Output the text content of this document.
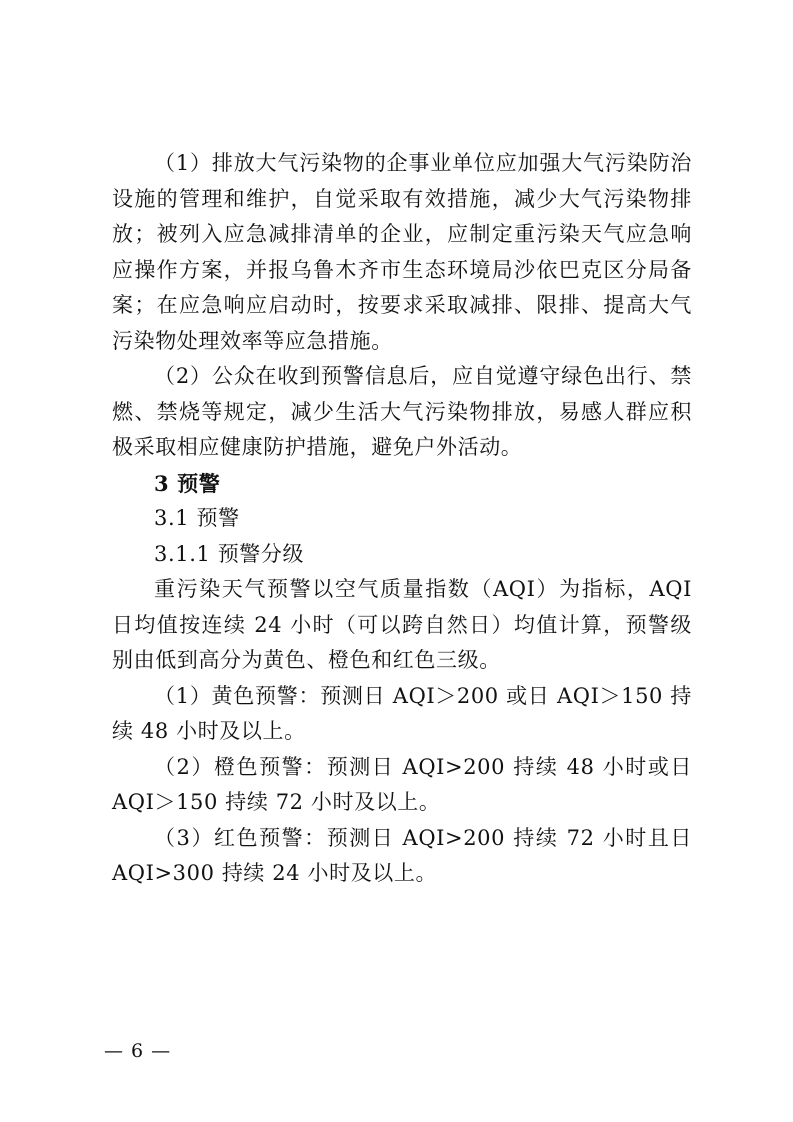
（1）排放大气污染物的企事业单位应加强大气污染防治设施的管理和维护，自觉采取有效措施，减少大气污染物排放；被列入应急减排清单的企业，应制定重污染天气应急响应操作方案，并报乌鲁木齐市生态环境局沙依巴克区分局备案；在应急响应启动时，按要求采取减排、限排、提高大气污染物处理效率等应急措施。

（2）公众在收到预警信息后，应自觉遵守绿色出行、禁燃、禁烧等规定，减少生活大气污染物排放，易感人群应积极采取相应健康防护措施，避免户外活动。

3 预警

3.1 预警

3.1.1 预警分级

重污染天气预警以空气质量指数（AQI）为指标，AQI 日均值按连续 24 小时（可以跨自然日）均值计算，预警级别由低到高分为黄色、橙色和红色三级。

（1）黄色预警：预测日 AQI＞200 或日 AQI＞150 持续 48 小时及以上。

（2）橙色预警：预测日 AQI>200 持续 48 小时或日 AQI＞150 持续 72 小时及以上。

（3）红色预警：预测日 AQI>200 持续 72 小时且日 AQI>300 持续 24 小时及以上。

— 6 —
